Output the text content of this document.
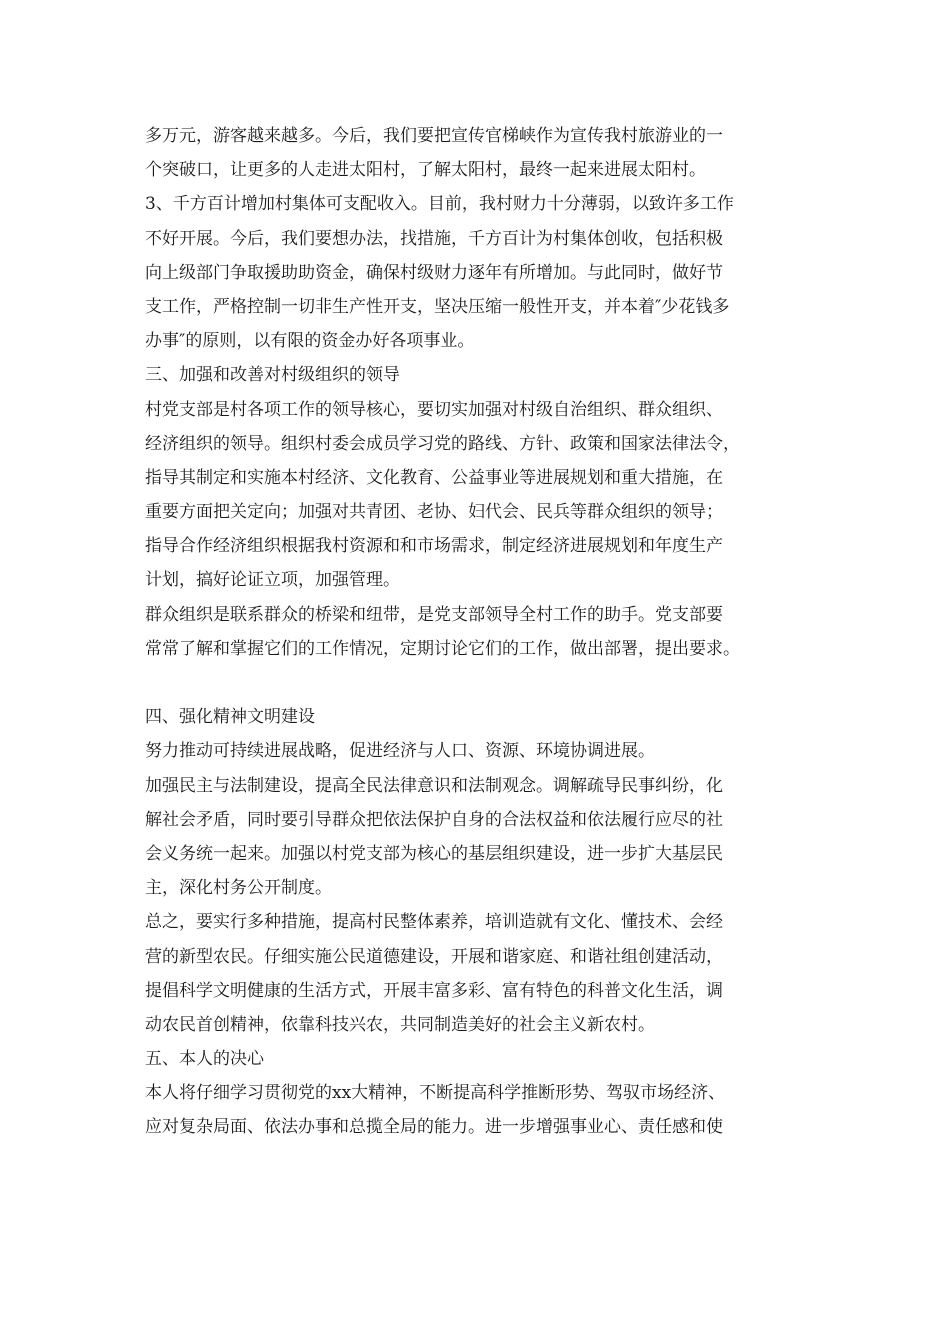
多万元，游客越来越多。今后，我们要把宣传官梯峡作为宣传我村旅游业的一
个突破口，让更多的人走进太阳村，了解太阳村，最终一起来进展太阳村。
3、千方百计增加村集体可支配收入。目前，我村财力十分薄弱，以致许多工作
不好开展。今后，我们要想办法，找措施，千方百计为村集体创收，包括积极
向上级部门争取援助助资金，确保村级财力逐年有所增加。与此同时，做好节
支工作，严格控制一切非生产性开支，坚决压缩一般性开支，并本着″少花钱多
办事″的原则，以有限的资金办好各项事业。
三、加强和改善对村级组织的领导
村党支部是村各项工作的领导核心，要切实加强对村级自治组织、群众组织、
经济组织的领导。组织村委会成员学习党的路线、方针、政策和国家法律法令，
指导其制定和实施本村经济、文化教育、公益事业等进展规划和重大措施，在
重要方面把关定向；加强对共青团、老协、妇代会、民兵等群众组织的领导；
指导合作经济组织根据我村资源和和市场需求，制定经济进展规划和年度生产
计划，搞好论证立项，加强管理。
群众组织是联系群众的桥梁和纽带，是党支部领导全村工作的助手。党支部要
常常了解和掌握它们的工作情况，定期讨论它们的工作，做出部署，提出要求。
四、强化精神文明建设
努力推动可持续进展战略，促进经济与人口、资源、环境协调进展。
加强民主与法制建设，提高全民法律意识和法制观念。调解疏导民事纠纷，化
解社会矛盾，同时要引导群众把依法保护自身的合法权益和依法履行应尽的社
会义务统一起来。加强以村党支部为核心的基层组织建设，进一步扩大基层民
主，深化村务公开制度。
总之，要实行多种措施，提高村民整体素养，培训造就有文化、懂技术、会经
营的新型农民。仔细实施公民道德建设，开展和谐家庭、和谐社组创建活动，
提倡科学文明健康的生活方式，开展丰富多彩、富有特色的科普文化生活，调
动农民首创精神，依靠科技兴农，共同制造美好的社会主义新农村。
五、本人的决心
本人将仔细学习贯彻党的xx大精神，不断提高科学推断形势、驾驭市场经济、
应对复杂局面、依法办事和总揽全局的能力。进一步增强事业心、责任感和使
